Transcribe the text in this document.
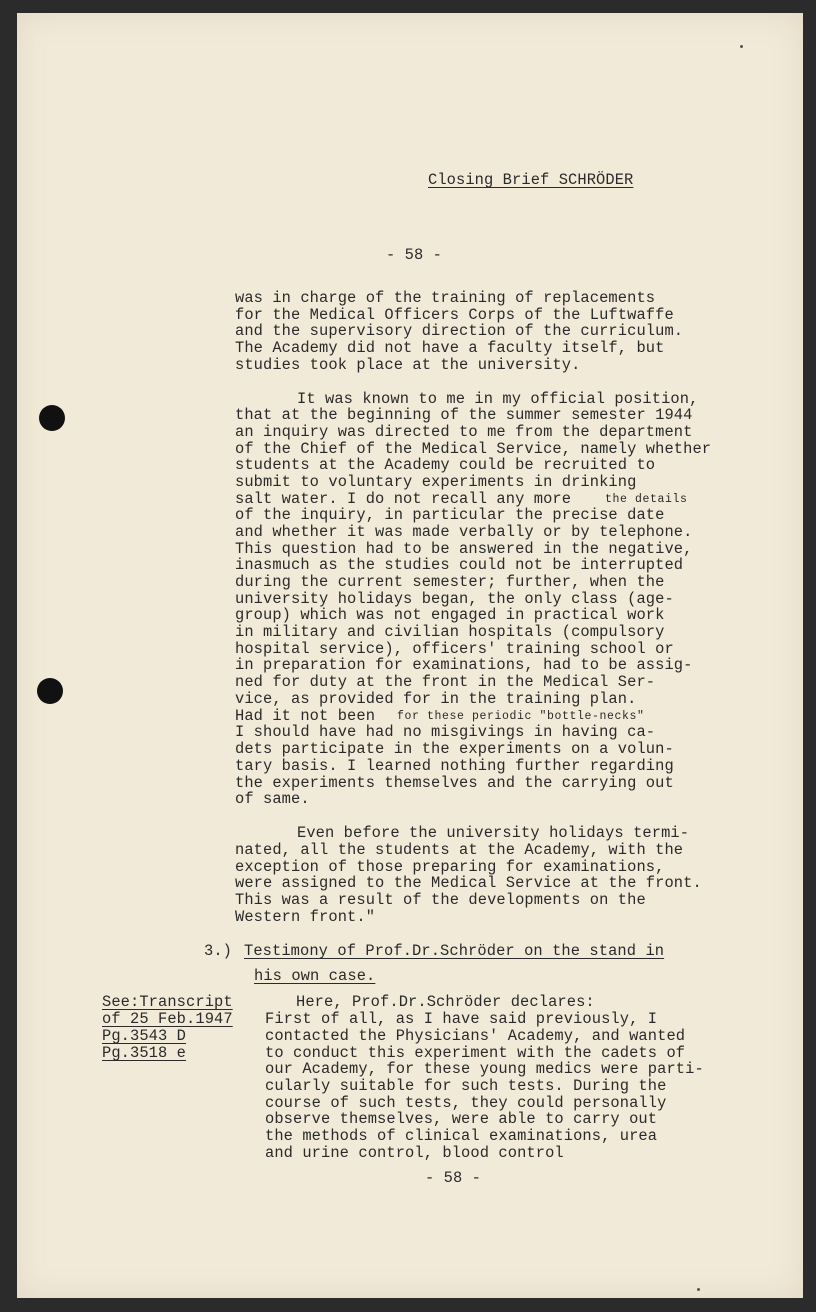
Closing Brief SCHRÖDER
- 58 -
was in charge of the training of replacements
for the Medical Officers Corps of the Luftwaffe
and the supervisory direction of the curriculum.
The Academy did not have a faculty itself, but
studies took place at the university.
It was known to me in my official position,
that at the beginning of the summer semester 1944
an inquiry was directed to me from the department
of the Chief of the Medical Service, namely whether
students at the Academy could be recruited to
submit to voluntary experiments in drinking
salt water. I do not recall any more	the details
of the inquiry, in particular the precise date
and whether it was made verbally or by telephone.
This question had to be answered in the negative,
inasmuch as the studies could not be interrupted
during the current semester; further, when the
university holidays began, the only class (age-
group) which was not engaged in practical work
in military and civilian hospitals (compulsory
hospital service), officers' training school or
in preparation for examinations, had to be assig-
ned for duty at the front in the Medical Ser-
vice, as provided for in the training plan.
Had it not been for these periodic "bottle-necks"
I should have had no misgivings in having ca-
dets participate in the experiments on a volun-
tary basis. I learned nothing further regarding
the experiments themselves and the carrying out
of same.
Even before the university holidays termi-
nated, all the students at the Academy, with the
exception of those preparing for examinations,
were assigned to the Medical Service at the front.
This was a result of the developments on the
Western front."
3.) Testimony of Prof.Dr.Schröder on the stand in
his own case.
See:Transcript
of 25 Feb.1947
Pg.3543 D
Pg.3518 e
Here, Prof.Dr.Schröder declares:
First of all, as I have said previously, I
contacted the Physicians' Academy, and wanted
to conduct this experiment with the cadets of
our Academy, for these young medics were parti-
cularly suitable for such tests. During the
course of such tests, they could personally
observe themselves, were able to carry out
the methods of clinical examinations, urea
and urine control, blood control
- 58 -
